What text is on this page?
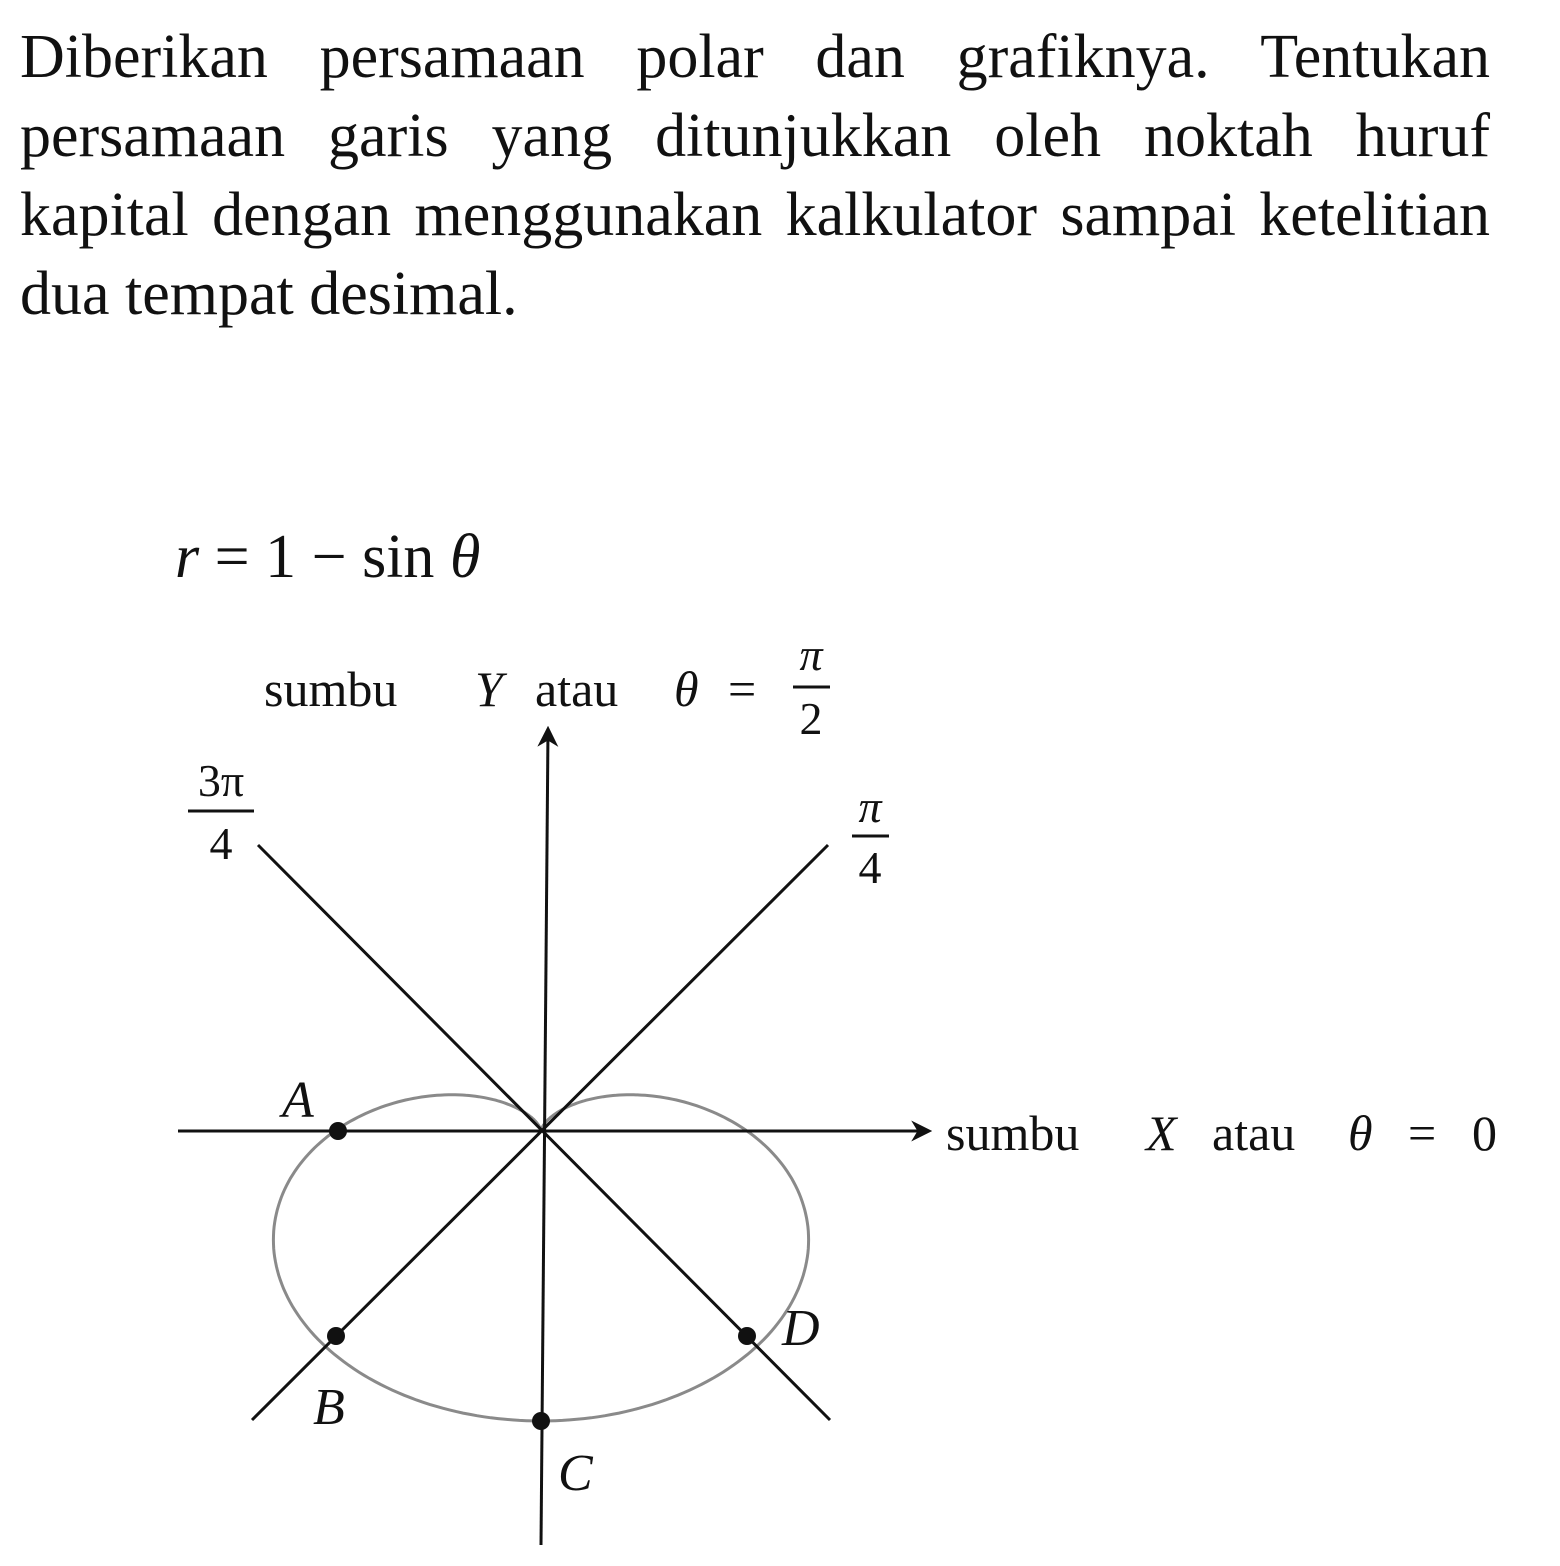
Diberikan persamaan polar dan grafiknya. Tentukan persamaan garis yang ditunjukkan oleh noktah huruf kapital dengan menggunakan kalkulator sampai ketelitian dua tempat desimal.
r = 1 − sin θ
A
B
C
D
sumbu Y atau θ =
π
2
3π
4
π
4
sumbu X atau θ = 0
